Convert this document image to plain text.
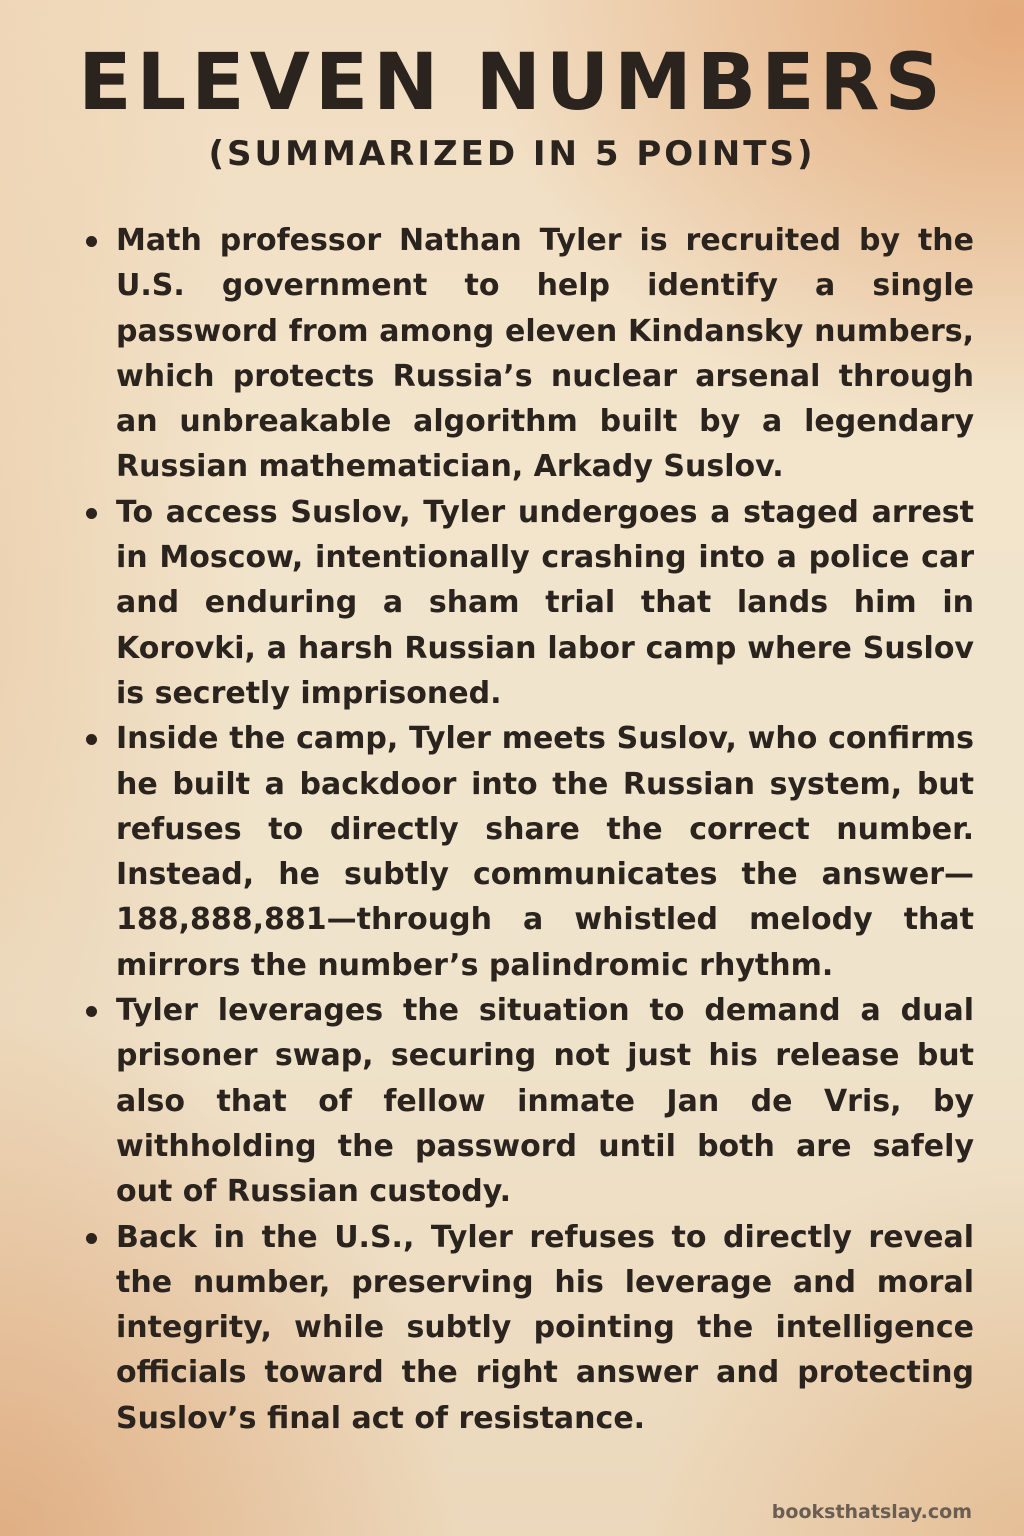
ELEVEN NUMBERS
(SUMMARIZED IN 5 POINTS)
Math professor Nathan Tyler is recruited by the U.S. government to help identify a single password from among eleven Kindansky numbers, which protects Russia’s nuclear arsenal through an unbreakable algorithm built by a legendary Russian mathematician, Arkady Suslov.
To access Suslov, Tyler undergoes a staged arrest in Moscow, intentionally crashing into a police car and enduring a sham trial that lands him in Korovki, a harsh Russian labor camp where Suslov is secretly imprisoned.
Inside the camp, Tyler meets Suslov, who confirms he built a backdoor into the Russian system, but refuses to directly share the correct number. Instead, he subtly communicates the answer—188,888,881—through a whistled melody that mirrors the number’s palindromic rhythm.
Tyler leverages the situation to demand a dual prisoner swap, securing not just his release but also that of fellow inmate Jan de Vris, by withholding the password until both are safely out of Russian custody.
Back in the U.S., Tyler refuses to directly reveal the number, preserving his leverage and moral integrity, while subtly pointing the intelligence officials toward the right answer and protecting Suslov’s final act of resistance.
booksthatslay.com
